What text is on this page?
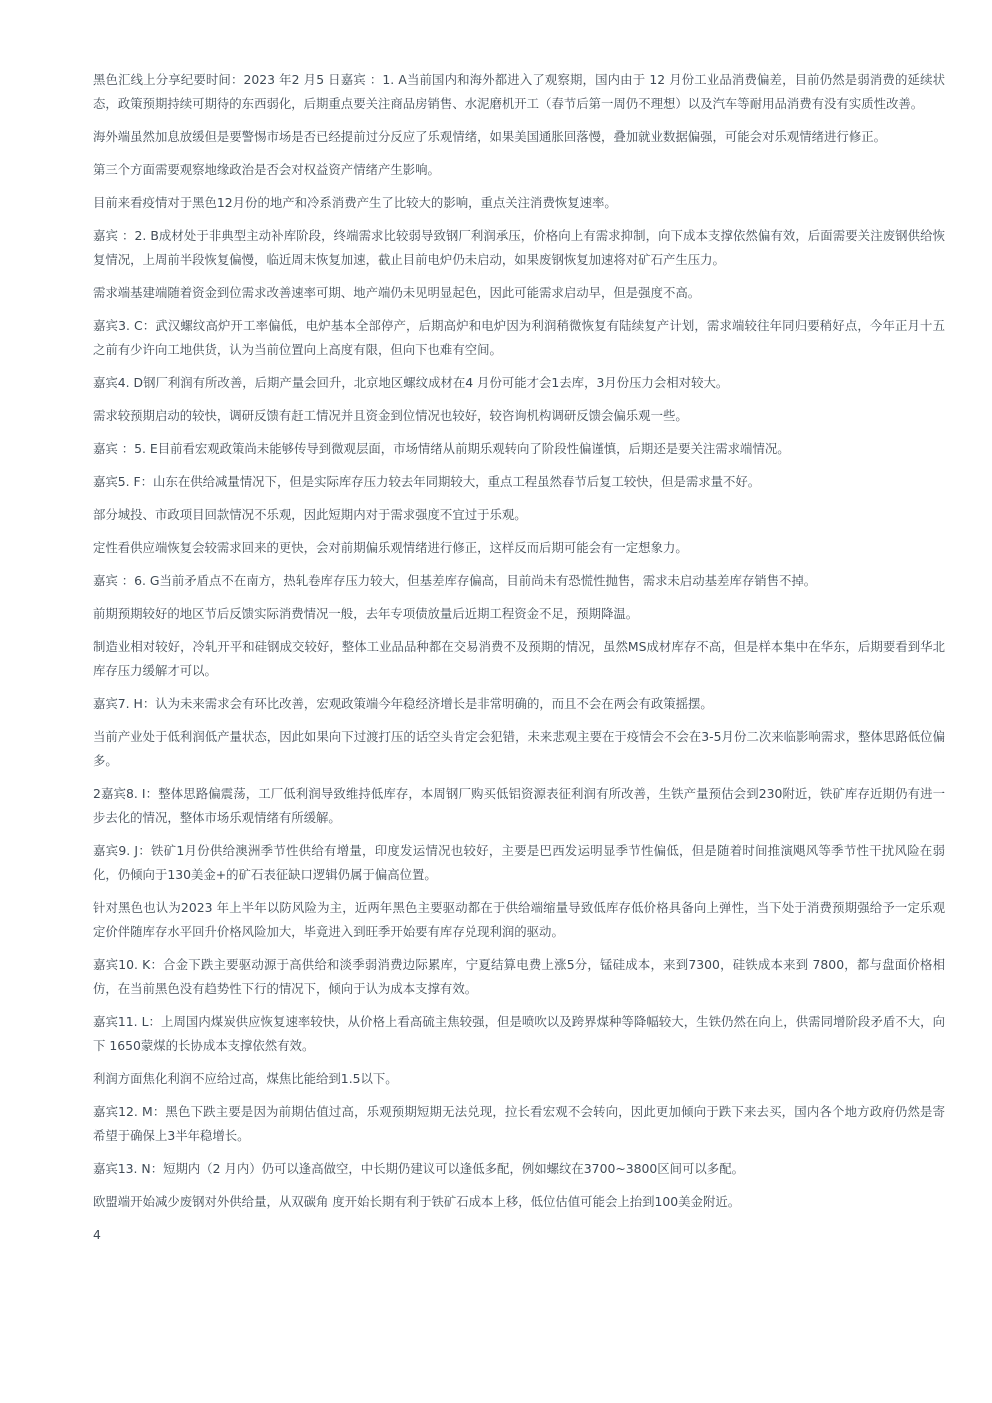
黑色汇线上分享纪要时间：2023 年2 月5 日嘉宾 ：1. A当前国内和海外都进入了观察期，国内由于 12 月份工业品消费偏差，目前仍然是弱消费的延续状态，政策预期持续可期待的东西弱化，后期重点要关注商品房销售、水泥磨机开工（春节后第一周仍不理想）以及汽车等耐用品消费有没有实质性改善。

海外端虽然加息放缓但是要警惕市场是否已经提前过分反应了乐观情绪，如果美国通胀回落慢，叠加就业数据偏强，可能会对乐观情绪进行修正。

第三个方面需要观察地缘政治是否会对权益资产情绪产生影响。

目前来看疫情对于黑色12月份的地产和冷系消费产生了比较大的影响，重点关注消费恢复速率。

嘉宾 ：2. B成材处于非典型主动补库阶段，终端需求比较弱导致钢厂利润承压，价格向上有需求抑制，向下成本支撑依然偏有效，后面需要关注废钢供给恢复情况，上周前半段恢复偏慢，临近周末恢复加速，截止目前电炉仍未启动，如果废钢恢复加速将对矿石产生压力。

需求端基建端随着资金到位需求改善速率可期、地产端仍未见明显起色，因此可能需求启动早，但是强度不高。

嘉宾3. C：武汉螺纹高炉开工率偏低，电炉基本全部停产，后期高炉和电炉因为利润稍微恢复有陆续复产计划，需求端较往年同归要稍好点，今年正月十五之前有少许向工地供货，认为当前位置向上高度有限，但向下也难有空间。

嘉宾4. D钢厂利润有所改善，后期产量会回升，北京地区螺纹成材在4 月份可能才会1去库，3月份压力会相对较大。

需求较预期启动的较快，调研反馈有赶工情况并且资金到位情况也较好，较咨询机构调研反馈会偏乐观一些。

嘉宾 ：5. E目前看宏观政策尚未能够传导到微观层面，市场情绪从前期乐观转向了阶段性偏谨慎，后期还是要关注需求端情况。

嘉宾5. F：山东在供给减量情况下，但是实际库存压力较去年同期较大，重点工程虽然春节后复工较快，但是需求量不好。

部分城投、市政项目回款情况不乐观，因此短期内对于需求强度不宜过于乐观。

定性看供应端恢复会较需求回来的更快，会对前期偏乐观情绪进行修正，这样反而后期可能会有一定想象力。

嘉宾 ：6. G当前矛盾点不在南方，热轧卷库存压力较大，但基差库存偏高，目前尚未有恐慌性抛售，需求未启动基差库存销售不掉。

前期预期较好的地区节后反馈实际消费情况一般，去年专项债放量后近期工程资金不足，预期降温。

制造业相对较好，冷轧开平和硅钢成交较好，整体工业品品种都在交易消费不及预期的情况，虽然MS成材库存不高，但是样本集中在华东，后期要看到华北库存压力缓解才可以。

嘉宾7. H：认为未来需求会有环比改善，宏观政策端今年稳经济增长是非常明确的，而且不会在两会有政策摇摆。

当前产业处于低利润低产量状态，因此如果向下过渡打压的话空头肯定会犯错，未来悲观主要在于疫情会不会在3-5月份二次来临影响需求，整体思路低位偏多。

2嘉宾8. I：整体思路偏震荡，工厂低利润导致维持低库存，本周钢厂购买低铝资源表征利润有所改善，生铁产量预估会到230附近，铁矿库存近期仍有进一步去化的情况，整体市场乐观情绪有所缓解。

嘉宾9. J：铁矿1月份供给澳洲季节性供给有增量，印度发运情况也较好，主要是巴西发运明显季节性偏低，但是随着时间推演飓风等季节性干扰风险在弱化，仍倾向于130美金+的矿石表征缺口逻辑仍属于偏高位置。

针对黑色也认为2023 年上半年以防风险为主，近两年黑色主要驱动都在于供给端缩量导致低库存低价格具备向上弹性，当下处于消费预期强给予一定乐观定价伴随库存水平回升价格风险加大，毕竟进入到旺季开始要有库存兑现利润的驱动。

嘉宾10. K：合金下跌主要驱动源于高供给和淡季弱消费边际累库，宁夏结算电费上涨5分，锰硅成本，来到7300，硅铁成本来到 7800，都与盘面价格相仿，在当前黑色没有趋势性下行的情况下，倾向于认为成本支撑有效。

嘉宾11. L：上周国内煤炭供应恢复速率较快，从价格上看高硫主焦较强，但是喷吹以及跨界煤种等降幅较大，生铁仍然在向上，供需同增阶段矛盾不大，向下 1650蒙煤的长协成本支撑依然有效。

利润方面焦化利润不应给过高，煤焦比能给到1.5以下。

嘉宾12. M：黑色下跌主要是因为前期估值过高，乐观预期短期无法兑现，拉长看宏观不会转向，因此更加倾向于跌下来去买，国内各个地方政府仍然是寄希望于确保上3半年稳增长。

嘉宾13. N：短期内（2 月内）仍可以逢高做空，中长期仍建议可以逢低多配，例如螺纹在3700~3800区间可以多配。

欧盟端开始减少废钢对外供给量，从双碳角 度开始长期有利于铁矿石成本上移，低位估值可能会上抬到100美金附近。

4
